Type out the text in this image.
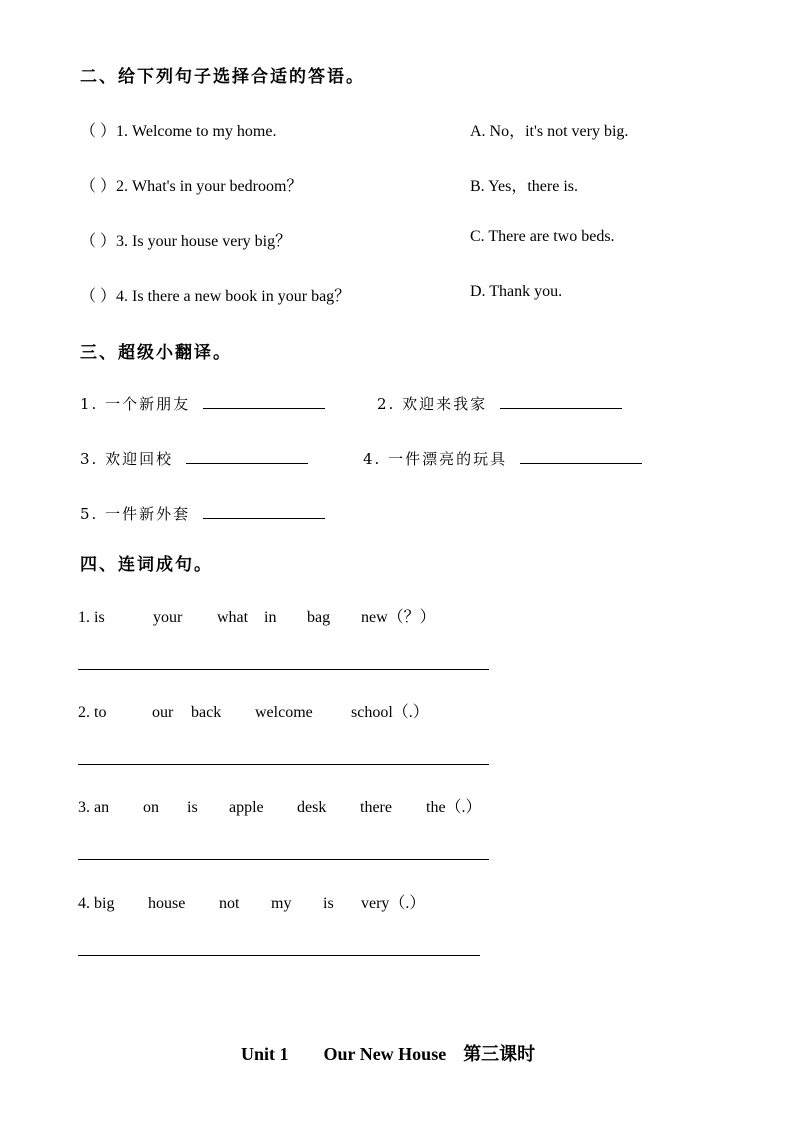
二、给下列句子选择合适的答语。
（ ）1. Welcome to my home.
（ ）2. What's in your bedroom？
（ ）3. Is your house very big？
（ ）4. Is there a new book in your bag？
A. No，it's not very big.
B. Yes，there is.
C. There are two beds.
D. Thank you.
三、超级小翻译。
1. 一个新朋友	2. 欢迎来我家
3. 欢迎回校	4. 一件漂亮的玩具
5. 一件新外套
四、连词成句。
1. is	your what in bag new（？）
2. to	our back welcome school（.）
3. an on is apple desk there the（.）
4. big house not my is very（.）
Unit 1 Our New House 第三课时
